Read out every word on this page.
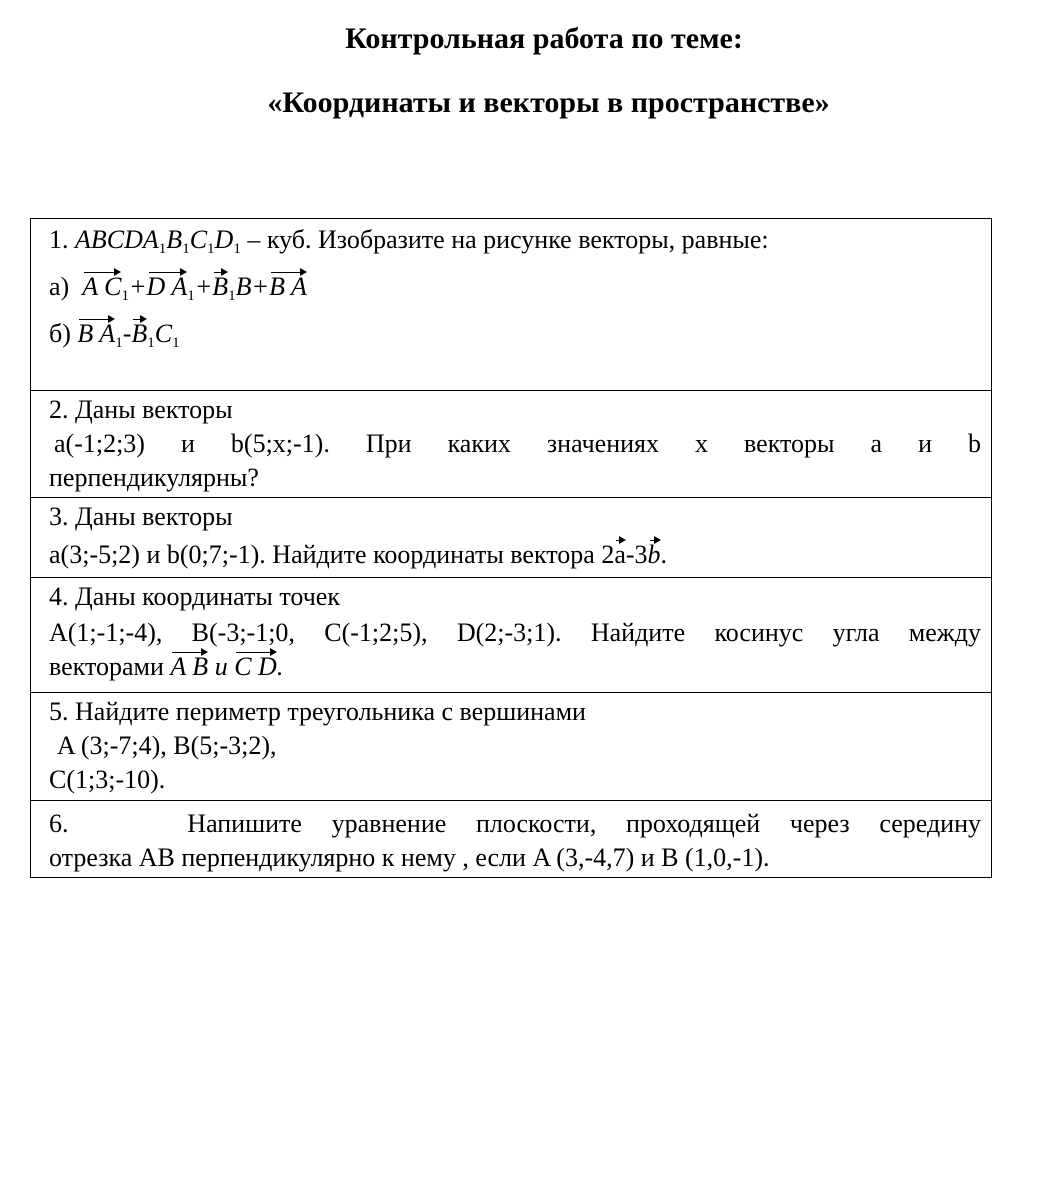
Контрольная работа по теме:
«Координаты и векторы в пространстве»
1. $ABCDA_1B_1C_1D_1$ – куб. Изобразите на рисунке векторы, равные:
а) A $C_1+D$ $A_1+B_1B+B$ A
б) B $A_1-B_1C_1$

2. Даны векторы
a(-1;2;3) и b(5;x;-1). При каких значениях x векторы a и b
перпендикулярны?

3. Даны векторы
a(3;-5;2) и b(0;7;-1). Найдите координаты вектора 2a-3b.

4. Даны координаты точек
A(1;-1;-4), B(-3;-1;0, C(-1;2;5), D(2;-3;1). Найдите косинус угла между
векторами A B и C D.

5. Найдите периметр треугольника с вершинами
A (3;-7;4), B(5;-3;2),
C(1;3;-10).

6.    Напишите уравнение плоскости, проходящей через середину
отрезка AB перпендикулярно к нему , если A (3,-4,7) и B (1,0,-1).
